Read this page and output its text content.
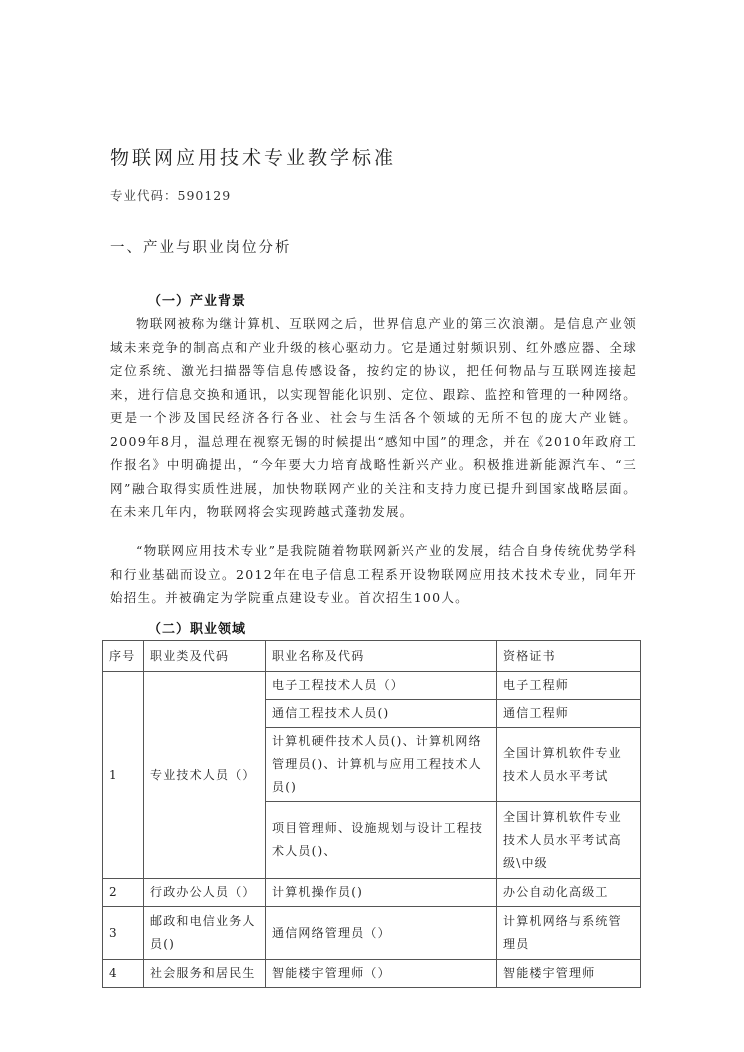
物联网应用技术专业教学标准
专业代码：590129
一、产业与职业岗位分析
（一）产业背景
物联网被称为继计算机、互联网之后，世界信息产业的第三次浪潮。是信息产业领域未来竞争的制高点和产业升级的核心驱动力。它是通过射频识别、红外感应器、全球定位系统、激光扫描器等信息传感设备，按约定的协议，把任何物品与互联网连接起来，进行信息交换和通讯，以实现智能化识别、定位、跟踪、监控和管理的一种网络。更是一个涉及国民经济各行各业、社会与生活各个领域的无所不包的庞大产业链。2009年8月，温总理在视察无锡的时候提出“感知中国”的理念，并在《2010年政府工作报名》中明确提出，“今年要大力培育战略性新兴产业。积极推进新能源汽车、“三网”融合取得实质性进展，加快物联网产业的关注和支持力度已提升到国家战略层面。在未来几年内，物联网将会实现跨越式蓬勃发展。
“物联网应用技术专业”是我院随着物联网新兴产业的发展，结合自身传统优势学科和行业基础而设立。2012年在电子信息工程系开设物联网应用技术技术专业，同年开始招生。并被确定为学院重点建设专业。首次招生100人。
（二）职业领域
序号	职业类及代码	职业名称及代码	资格证书
1	专业技术人员（）	电子工程技术人员（）	电子工程师
		通信工程技术人员()	通信工程师
		计算机硬件技术人员()、计算机网络管理员()、计算机与应用工程技术人员()	全国计算机软件专业技术人员水平考试
		项目管理师、设施规划与设计工程技术人员()、	全国计算机软件专业技术人员水平考试高级\中级
2	行政办公人员（）	计算机操作员()	办公自动化高级工
3	邮政和电信业务人员()	通信网络管理员（）	计算机网络与系统管理员
4	社会服务和居民生	智能楼宇管理师（）	智能楼宇管理师
